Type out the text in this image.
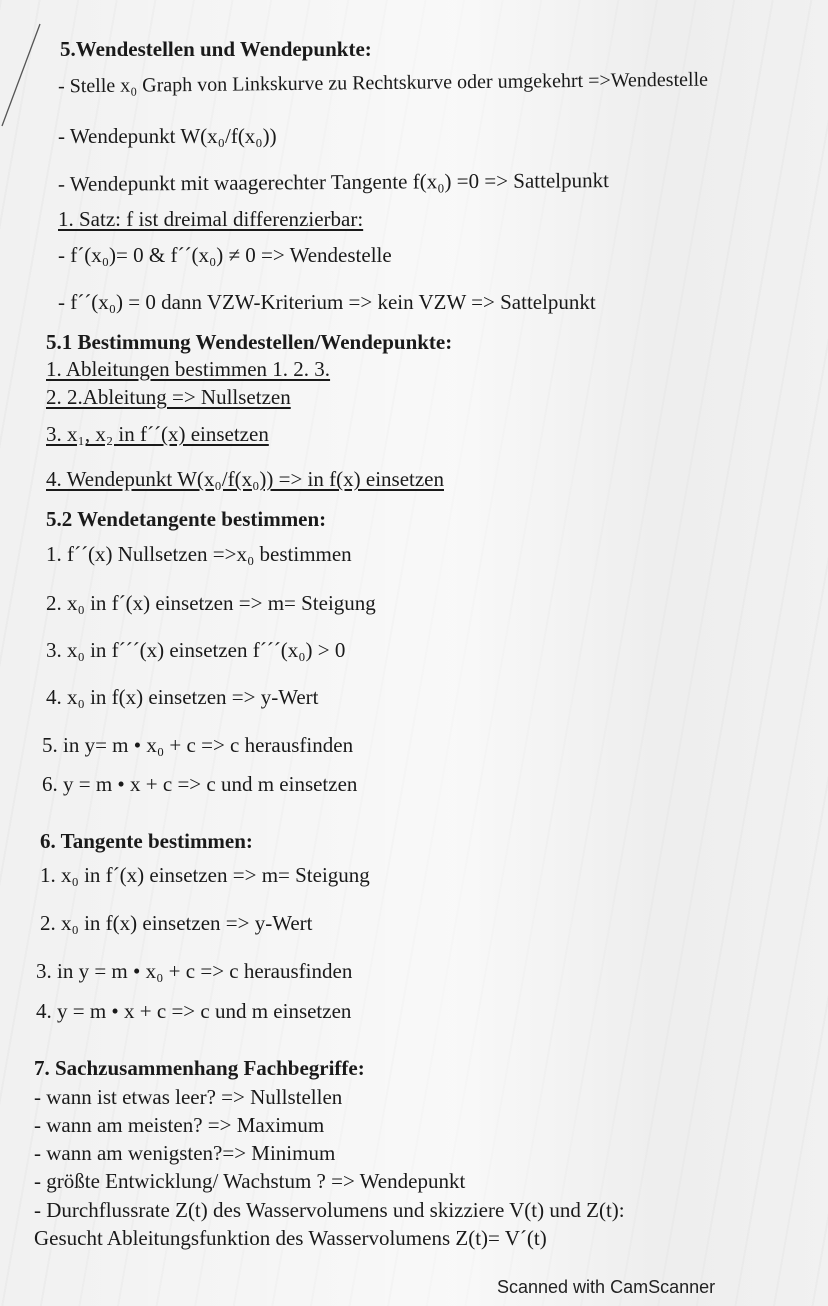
5.Wendestellen und Wendepunkte:
- Stelle x₀ Graph von Linkskurve zu Rechtskurve oder umgekehrt =>Wendestelle
- Wendepunkt W(x₀/f(x₀))
- Wendepunkt mit waagerechter Tangente f(x₀) =0 => Sattelpunkt
1. Satz: f ist dreimal differenzierbar:
- f´(x₀)= 0 & f´´(x₀) ≠ 0 => Wendestelle
- f´´(x₀) = 0 dann VZW-Kriterium => kein VZW => Sattelpunkt
5.1 Bestimmung Wendestellen/Wendepunkte:
1. Ableitungen bestimmen 1. 2. 3.
2. 2.Ableitung => Nullsetzen
3. x₁, x₂ in f´´(x) einsetzen
4. Wendepunkt W(x₀/f(x₀)) => in f(x) einsetzen
5.2 Wendetangente bestimmen:
1. f´´(x) Nullsetzen =>x₀ bestimmen
2. x₀ in f´(x) einsetzen => m= Steigung
3. x₀ in f´´´(x) einsetzen f´´´(x₀) > 0
4. x₀ in f(x) einsetzen => y-Wert
5. in y= m • x₀ + c => c herausfinden
6. y = m • x + c => c und m einsetzen
6. Tangente bestimmen:
1. x₀ in f´(x) einsetzen => m= Steigung
2. x₀ in f(x) einsetzen => y-Wert
3. in y = m • x₀ + c => c herausfinden
4. y = m • x + c => c und m einsetzen
7. Sachzusammenhang Fachbegriffe:
- wann ist etwas leer? => Nullstellen
- wann am meisten? => Maximum
- wann am wenigsten?=> Minimum
- größte Entwicklung/ Wachstum ? => Wendepunkt
- Durchflussrate Z(t) des Wasservolumens und skizziere V(t) und Z(t):
Gesucht Ableitungsfunktion des Wasservolumens Z(t)= V´(t)
Scanned with CamScanner
